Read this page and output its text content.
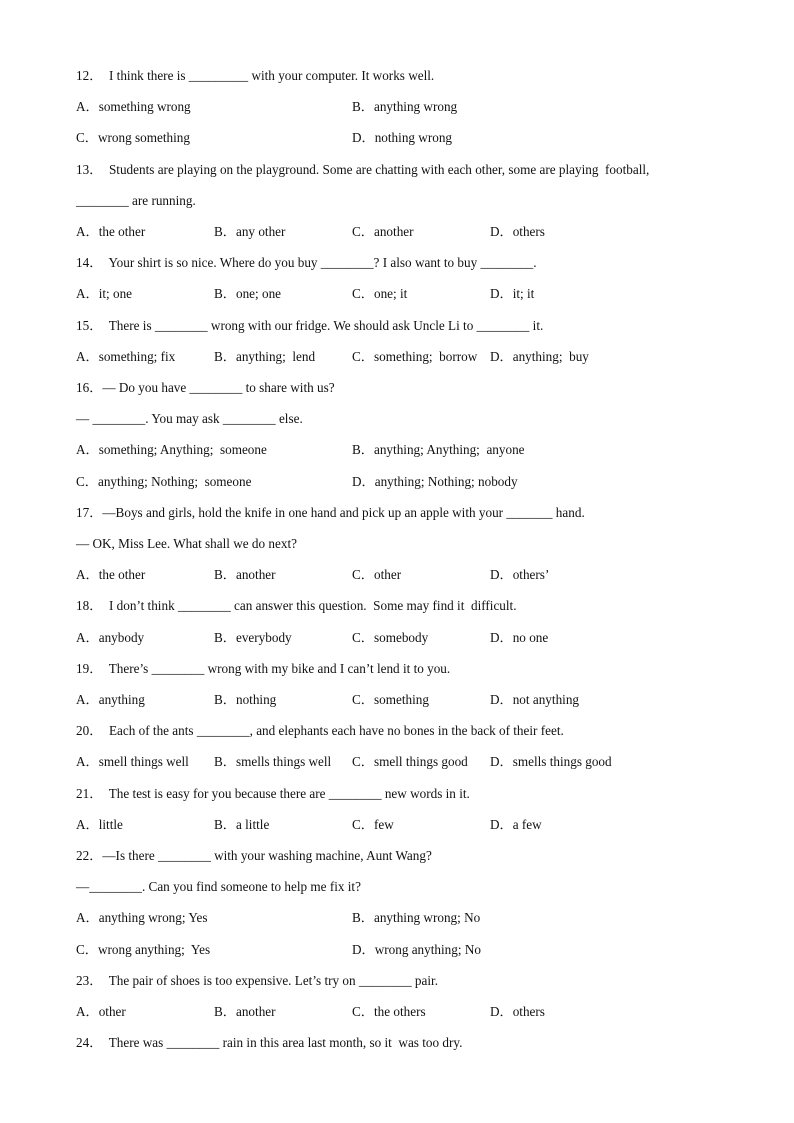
12．  I think there is _________ with your computer. It works well.
A．something wrong	B．anything wrong
C．wrong something	D．nothing wrong
13．  Students are playing on the playground. Some are chatting with each other, some are playing  football,
________ are running.
A．the other	B．any other	C．another	D．others
14．  Your shirt is so nice. Where do you buy ________? I also want to buy ________.
A．it; one	B．one; one	C．one; it	D．it; it
15．  There is ________ wrong with our fridge. We should ask Uncle Li to ________ it.
A．something; fix	B．anything;  lend	C．something;  borrow D．anything;  buy
16．— Do you have ________ to share with us?
— ________. You may ask ________ else.
A．something; Anything;  someone	B．anything; Anything;  anyone
C．anything; Nothing;  someone	D．anything; Nothing; nobody
17．—Boys and girls, hold the knife in one hand and pick up an apple with your _______ hand.
— OK, Miss Lee. What shall we do next?
A．the other	B．another	C．other	D．others’
18．  I don’t think ________ can answer this question.  Some may find it  difficult.
A．anybody	B．everybody	C．somebody	D．no one
19．  There’s ________ wrong with my bike and I can’t lend it to you.
A．anything	B．nothing	C．something	D．not anything
20．  Each of the ants ________, and elephants each have no bones in the back of their feet.
A．smell things well B．smells things well C．smell things good D．smells things good
21．  The test is easy for you because there are ________ new words in it.
A．little	B．a little	C．few	D．a few
22．—Is there ________ with your washing machine, Aunt Wang?
—________. Can you find someone to help me fix it?
A．anything wrong; Yes	B．anything wrong; No
C．wrong anything;  Yes	D．wrong anything; No
23．  The pair of shoes is too expensive. Let’s try on ________ pair.
A．other	B．another	C．the others	D．others
24．  There was ________ rain in this area last month, so it  was too dry.
